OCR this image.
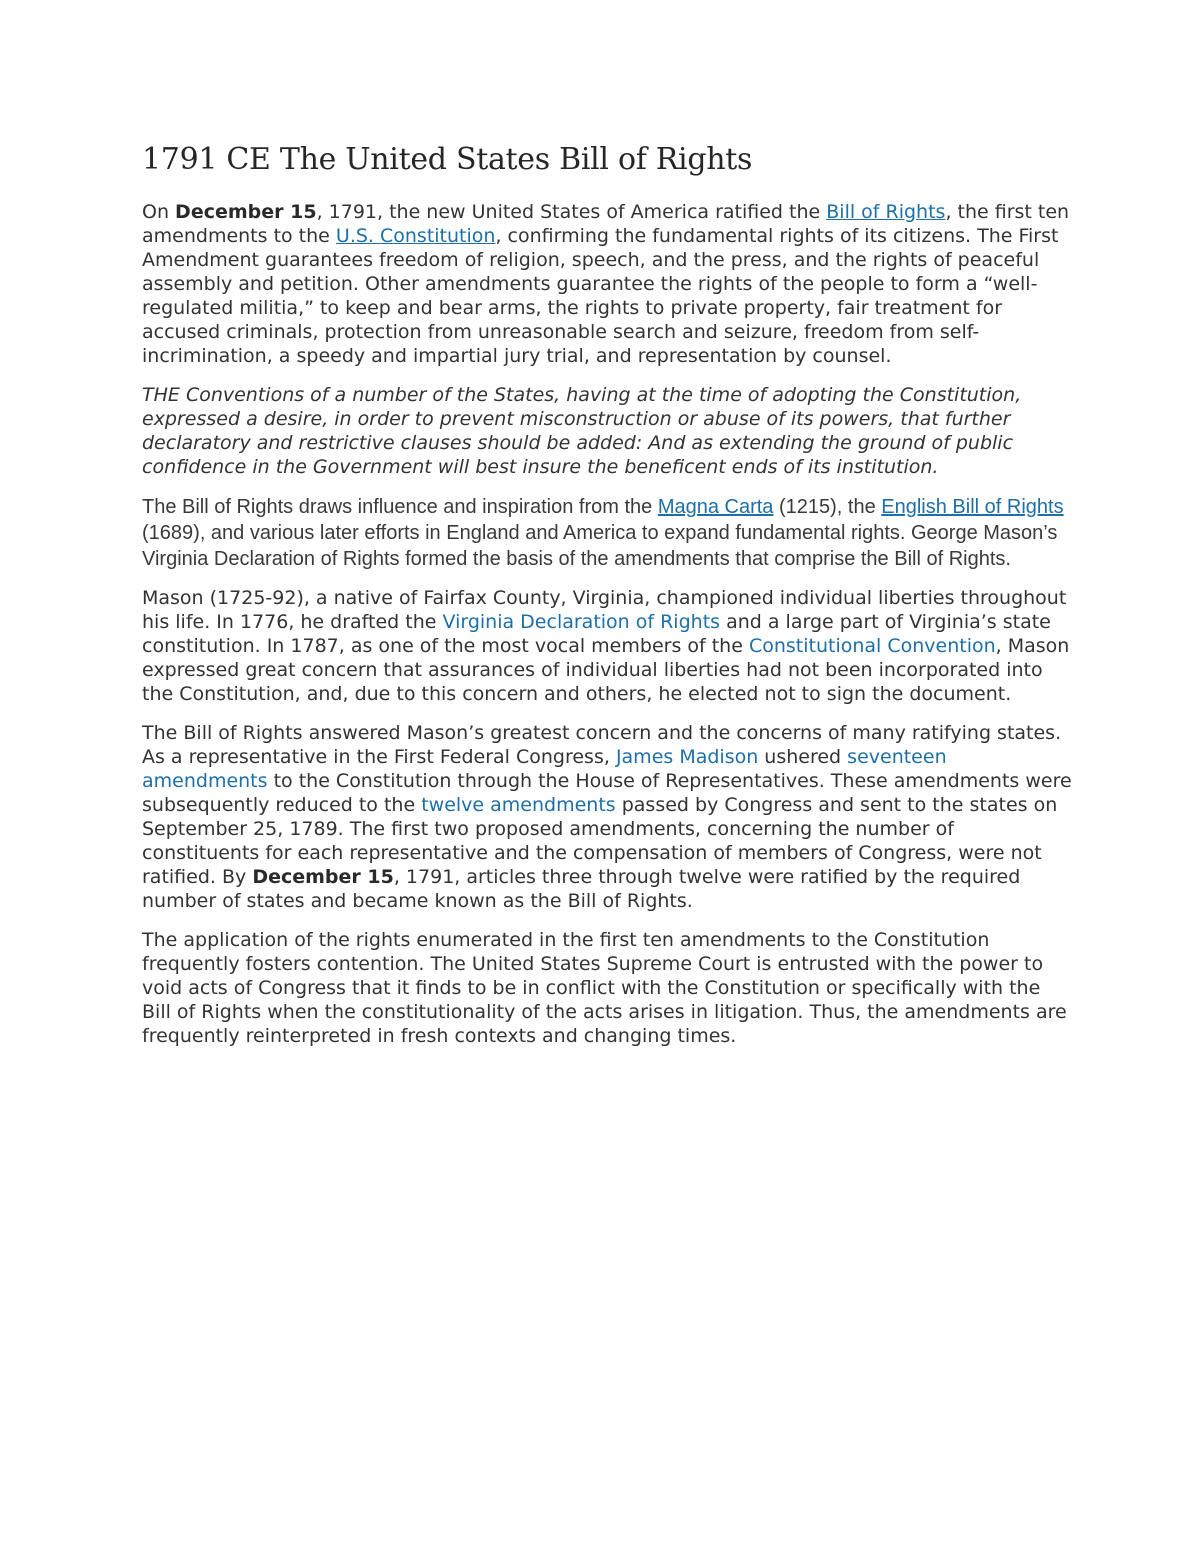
1791 CE The United States Bill of Rights

On December 15, 1791, the new United States of America ratified the Bill of Rights, the first ten amendments to the U.S. Constitution, confirming the fundamental rights of its citizens. The First Amendment guarantees freedom of religion, speech, and the press, and the rights of peaceful assembly and petition. Other amendments guarantee the rights of the people to form a “well-regulated militia,” to keep and bear arms, the rights to private property, fair treatment for accused criminals, protection from unreasonable search and seizure, freedom from self-incrimination, a speedy and impartial jury trial, and representation by counsel.

THE Conventions of a number of the States, having at the time of adopting the Constitution, expressed a desire, in order to prevent misconstruction or abuse of its powers, that further declaratory and restrictive clauses should be added: And as extending the ground of public confidence in the Government will best insure the beneficent ends of its institution.

The Bill of Rights draws influence and inspiration from the Magna Carta (1215), the English Bill of Rights (1689), and various later efforts in England and America to expand fundamental rights. George Mason’s Virginia Declaration of Rights formed the basis of the amendments that comprise the Bill of Rights.

Mason (1725-92), a native of Fairfax County, Virginia, championed individual liberties throughout his life. In 1776, he drafted the Virginia Declaration of Rights and a large part of Virginia’s state constitution. In 1787, as one of the most vocal members of the Constitutional Convention, Mason expressed great concern that assurances of individual liberties had not been incorporated into the Constitution, and, due to this concern and others, he elected not to sign the document.

The Bill of Rights answered Mason’s greatest concern and the concerns of many ratifying states. As a representative in the First Federal Congress, James Madison ushered seventeen amendments to the Constitution through the House of Representatives. These amendments were subsequently reduced to the twelve amendments passed by Congress and sent to the states on September 25, 1789. The first two proposed amendments, concerning the number of constituents for each representative and the compensation of members of Congress, were not ratified. By December 15, 1791, articles three through twelve were ratified by the required number of states and became known as the Bill of Rights.

The application of the rights enumerated in the first ten amendments to the Constitution frequently fosters contention. The United States Supreme Court is entrusted with the power to void acts of Congress that it finds to be in conflict with the Constitution or specifically with the Bill of Rights when the constitutionality of the acts arises in litigation. Thus, the amendments are frequently reinterpreted in fresh contexts and changing times.
